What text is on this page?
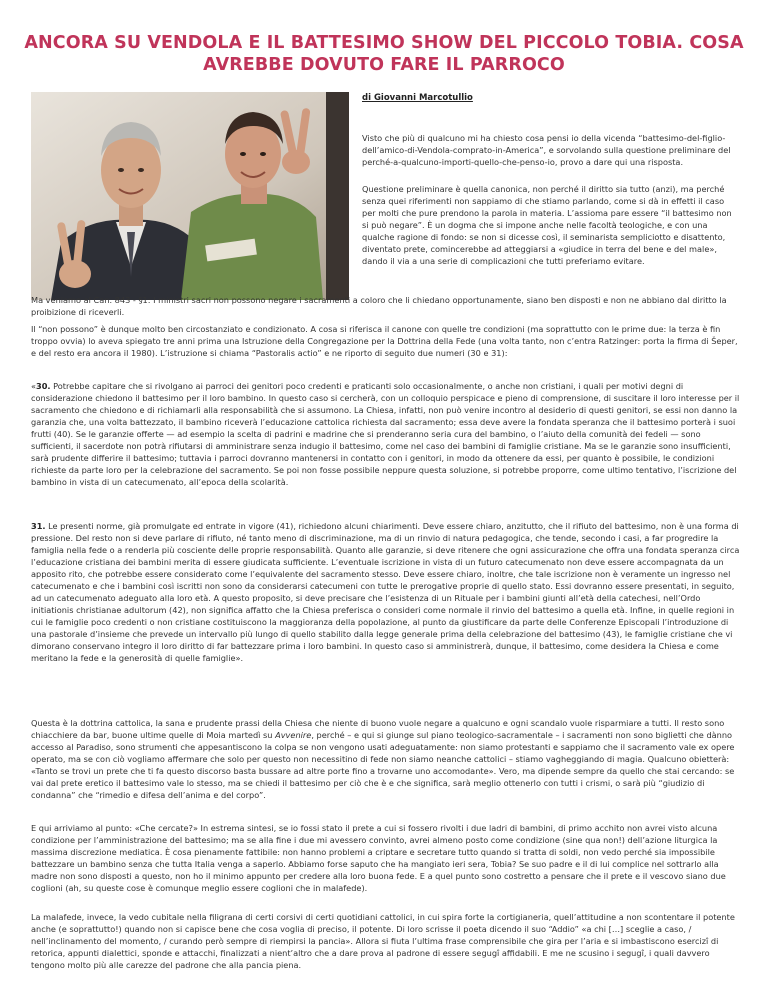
ANCORA SU VENDOLA E IL BATTESIMO SHOW DEL PICCOLO TOBIA. COSA
AVREBBE DOVUTO FARE IL PARROCO
di Giovanni Marcotullio

Visto che più di qualcuno mi ha chiesto cosa pensi io della vicenda “battesimo-del-figlio-dell’amico-di-Vendola-comprato-in-America”, e sorvolando sulla questione preliminare del perché-a-qualcuno-importi-quello-che-penso-io, provo a dare qui una risposta.

Questione preliminare è quella canonica, non perché il diritto sia tutto (anzi), ma perché senza quei riferimenti non sappiamo di che stiamo parlando, come si dà in effetti il caso per molti che pure prendono la parola in materia. L’assioma pare essere “il battesimo non si può negare”. È un dogma che si impone anche nelle facoltà teologiche, e con una qualche ragione di fondo: se non si dicesse così, il seminarista sempliciotto e disattento, diventato prete, comincerebbe ad atteggiarsi a «giudice in terra del bene e del male», dando il via a una serie di complicazioni che tutti preferiamo evitare.

Ma veniamo al Can. 843 - §1: I ministri sacri non possono negare i sacramenti a coloro che li chiedano opportunamente, siano ben disposti e non ne abbiano dal diritto la proibizione di riceverli.

Il “non possono” è dunque molto ben circostanziato e condizionato. A cosa si riferisca il canone con quelle tre condizioni (ma soprattutto con le prime due: la terza è fin troppo ovvia) lo aveva spiegato tre anni prima una Istruzione della Congregazione per la Dottrina della Fede (una volta tanto, non c’entra Ratzinger: porta la firma di Šeper, e del resto era ancora il 1980). L’istruzione si chiama “Pastoralis actio” e ne riporto di seguito due numeri (30 e 31):

«30. Potrebbe capitare che si rivolgano ai parroci dei genitori poco credenti e praticanti solo occasionalmente, o anche non cristiani, i quali per motivi degni di considerazione chiedono il battesimo per il loro bambino. In questo caso si cercherà, con un colloquio perspicace e pieno di comprensione, di suscitare il loro interesse per il sacramento che chiedono e di richiamarli alla responsabilità che si assumono. La Chiesa, infatti, non può venire incontro al desiderio di questi genitori, se essi non danno la garanzia che, una volta battezzato, il bambino riceverà l’educazione cattolica richiesta dal sacramento; essa deve avere la fondata speranza che il battesimo porterà i suoi frutti (40). Se le garanzie offerte — ad esempio la scelta di padrini e madrine che si prenderanno seria cura del bambino, o l’aiuto della comunità dei fedeli — sono sufficienti, il sacerdote non potrà rifiutarsi di amministrare senza indugio il battesimo, come nel caso dei bambini di famiglie cristiane. Ma se le garanzie sono insufficienti, sarà prudente differire il battesimo; tuttavia i parroci dovranno mantenersi in contatto con i genitori, in modo da ottenere da essi, per quanto è possibile, le condizioni richieste da parte loro per la celebrazione del sacramento. Se poi non fosse possibile neppure questa soluzione, si potrebbe proporre, come ultimo tentativo, l’iscrizione del bambino in vista di un catecumenato, all’epoca della scolarità.

31. Le presenti norme, già promulgate ed entrate in vigore (41), richiedono alcuni chiarimenti. Deve essere chiaro, anzitutto, che il rifiuto del battesimo, non è una forma di pressione. Del resto non si deve parlare di rifiuto, né tanto meno di discriminazione, ma di un rinvio di natura pedagogica, che tende, secondo i casi, a far progredire la famiglia nella fede o a renderla più cosciente delle proprie responsabilità. Quanto alle garanzie, si deve ritenere che ogni assicurazione che offra una fondata speranza circa l’educazione cristiana dei bambini merita di essere giudicata sufficiente. L’eventuale iscrizione in vista di un futuro catecumenato non deve essere accompagnata da un apposito rito, che potrebbe essere considerato come l’equivalente del sacramento stesso. Deve essere chiaro, inoltre, che tale iscrizione non è veramente un ingresso nel catecumenato e che i bambini così iscritti non sono da considerarsi catecumeni con tutte le prerogative proprie di quello stato. Essi dovranno essere presentati, in seguito, ad un catecumenato adeguato alla loro età. A questo proposito, si deve precisare che l’esistenza di un Rituale per i bambini giunti all’età della catechesi, nell’Ordo initiationis christianae adultorum (42), non significa affatto che la Chiesa preferisca o consideri come normale il rinvio del battesimo a quella età. Infine, in quelle regioni in cui le famiglie poco credenti o non cristiane costituiscono la maggioranza della popolazione, al punto da giustificare da parte delle Conferenze Episcopali l’introduzione di una pastorale d’insieme che prevede un intervallo più lungo di quello stabilito dalla legge generale prima della celebrazione del battesimo (43), le famiglie cristiane che vi dimorano conservano integro il loro diritto di far battezzare prima i loro bambini. In questo caso si amministrerà, dunque, il battesimo, come desidera la Chiesa e come meritano la fede e la generosità di quelle famiglie».

Questa è la dottrina cattolica, la sana e prudente prassi della Chiesa che niente di buono vuole negare a qualcuno e ogni scandalo vuole risparmiare a tutti. Il resto sono chiacchiere da bar, buone ultime quelle di Moia martedì su Avvenire, perché – e qui si giunge sul piano teologico-sacramentale – i sacramenti non sono biglietti che dànno accesso al Paradiso, sono strumenti che appesantiscono la colpa se non vengono usati adeguatamente: non siamo protestanti e sappiamo che il sacramento vale ex opere operato, ma se con ciò vogliamo affermare che solo per questo non necessitino di fede non siamo neanche cattolici – stiamo vagheggiando di magia. Qualcuno obietterà: «Tanto se trovi un prete che ti fa questo discorso basta bussare ad altre porte fino a trovarne uno accomodante». Vero, ma dipende sempre da quello che stai cercando: se vai dal prete eretico il battesimo vale lo stesso, ma se chiedi il battesimo per ciò che è e che significa, sarà meglio ottenerlo con tutti i crismi, o sarà più “giudizio di condanna” che “rimedio e difesa dell’anima e del corpo”.

E qui arriviamo al punto: «Che cercate?» In estrema sintesi, se io fossi stato il prete a cui si fossero rivolti i due ladri di bambini, di primo acchito non avrei visto alcuna condizione per l’amministrazione del battesimo; ma se alla fine i due mi avessero convinto, avrei almeno posto come condizione (sine qua non!) dell’azione liturgica la massima discrezione mediatica. È cosa pienamente fattibile: non hanno problemi a criptare e secretare tutto quando si tratta di soldi, non vedo perché sia impossibile battezzare un bambino senza che tutta Italia venga a saperlo. Abbiamo forse saputo che ha mangiato ieri sera, Tobia? Se suo padre e il di lui complice nel sottrarlo alla madre non sono disposti a questo, non ho il minimo appunto per credere alla loro buona fede. E a quel punto sono costretto a pensare che il prete e il vescovo siano due coglioni (ah, su queste cose è comunque meglio essere coglioni che in malafede).

La malafede, invece, la vedo cubitale nella filigrana di certi corsivi di certi quotidiani cattolici, in cui spira forte la cortigianeria, quell’attitudine a non scontentare il potente anche (e soprattutto!) quando non si capisce bene che cosa voglia di preciso, il potente. Di loro scrisse il poeta dicendo il suo “Addio” «a chi […] sceglie a caso, / nell’inclinamento del momento, / curando però sempre di riempirsi la pancia». Allora si fiuta l’ultima frase comprensibile che gira per l’aria e si imbastiscono esercizî di retorica, appunti dialettici, sponde e attacchi, finalizzati a nient’altro che a dare prova al padrone di essere segugî affidabili. E me ne scusino i segugî, i quali davvero tengono molto più alle carezze del padrone che alla pancia piena.
